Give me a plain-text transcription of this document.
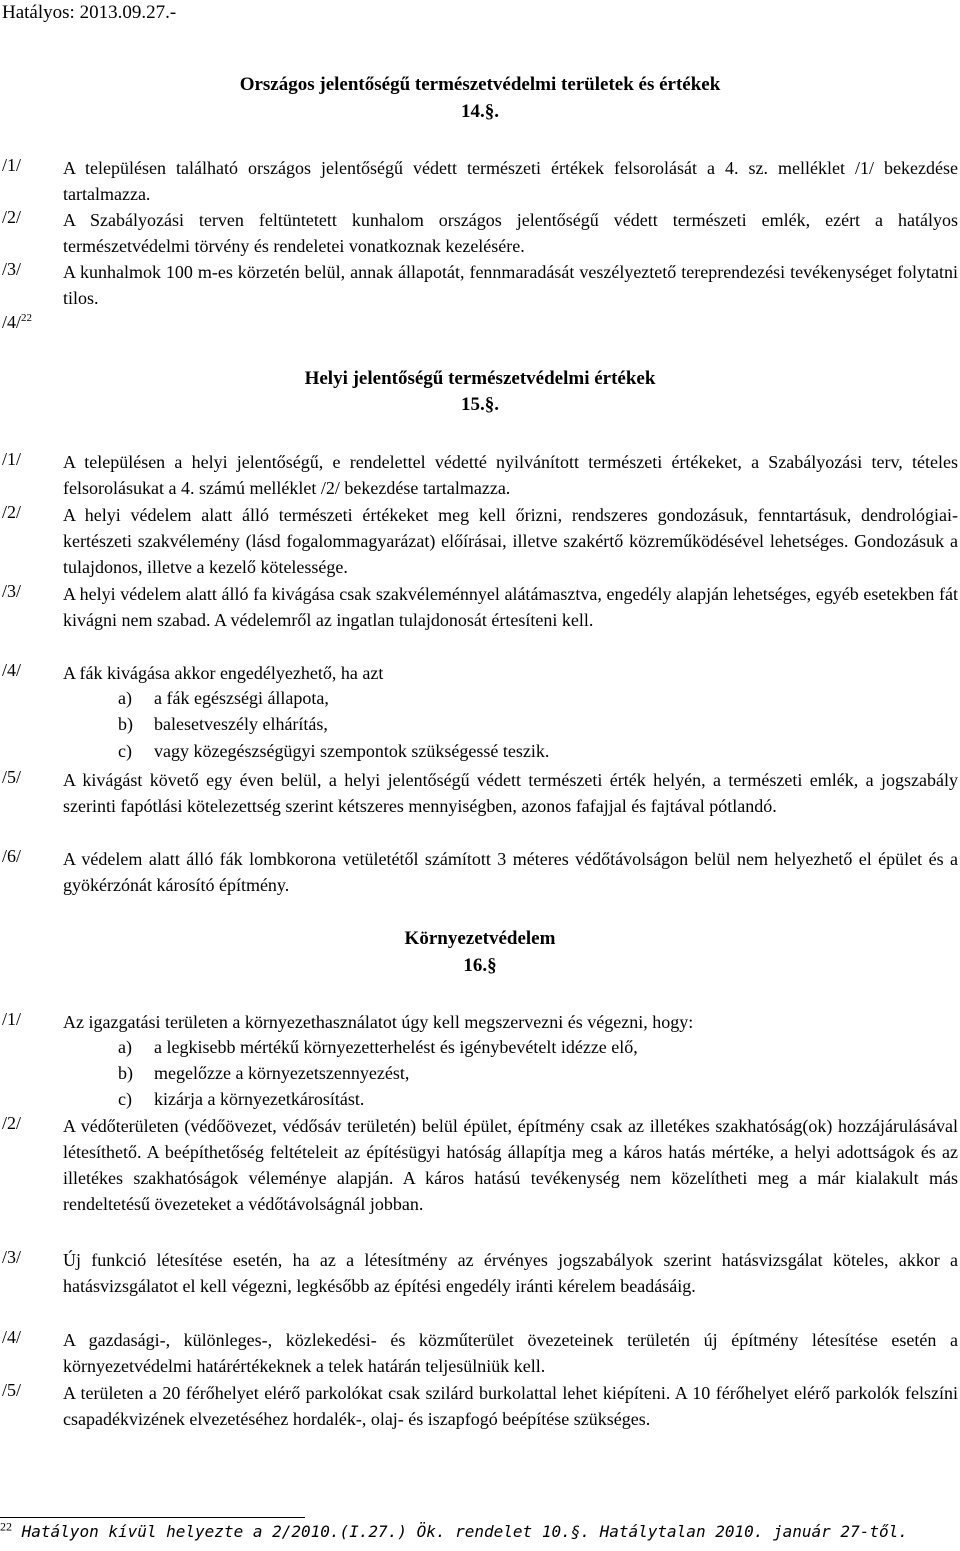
Hatályos: 2013.09.27.-
Országos jelentőségű természetvédelmi területek és értékek
14.§.
/1/ A településen található országos jelentőségű védett természeti értékek felsorolását a 4. sz. melléklet /1/ bekezdése tartalmazza.
/2/ A Szabályozási terven feltüntetett kunhalom országos jelentőségű védett természeti emlék, ezért a hatályos természetvédelmi törvény és rendeletei vonatkoznak kezelésére.
/3/ A kunhalmok 100 m-es körzetén belül, annak állapotát, fennmaradását veszélyeztető tereprendezési tevékenységet folytatni tilos.
/4/$^{22}$
Helyi jelentőségű természetvédelmi értékek
15.§.
/1/ A településen a helyi jelentőségű, e rendelettel védetté nyilvánított természeti értékeket, a Szabályozási terv, tételes felsorolásukat a 4. számú melléklet /2/ bekezdése tartalmazza.
/2/ A helyi védelem alatt álló természeti értékeket meg kell őrizni, rendszeres gondozásuk, fenntartásuk, dendrológiai- kertészeti szakvélemény (lásd fogalommagyarázat) előírásai, illetve szakértő közreműködésével lehetséges. Gondozásuk a tulajdonos, illetve a kezelő kötelessége.
/3/ A helyi védelem alatt álló fa kivágása csak szakvéleménnyel alátámasztva, engedély alapján lehetséges, egyéb esetekben fát kivágni nem szabad. A védelemről az ingatlan tulajdonosát értesíteni kell.
/4/ A fák kivágása akkor engedélyezhető, ha azt
a) a fák egészségi állapota,
b) balesetveszély elhárítás,
c) vagy közegészségügyi szempontok szükségessé teszik.
/5/ A kivágást követő egy éven belül, a helyi jelentőségű védett természeti érték helyén, a természeti emlék, a jogszabály szerinti fapótlási kötelezettség szerint kétszeres mennyiségben, azonos fafajjal és fajtával pótlandó.
/6/ A védelem alatt álló fák lombkorona vetületétől számított 3 méteres védőtávolságon belül nem helyezhető el épület és a gyökérzónát károsító építmény.
Környezetvédelem
16.§
/1/ Az igazgatási területen a környezethasználatot úgy kell megszervezni és végezni, hogy:
a) a legkisebb mértékű környezetterhelést és igénybevételt idézze elő,
b) megelőzze a környezetszennyezést,
c) kizárja a környezetkárosítást.
/2/ A védőterületen (védőövezet, védősáv területén) belül épület, építmény csak az illetékes szakhatóság(ok) hozzájárulásával létesíthető. A beépíthetőség feltételeit az építésügyi hatóság állapítja meg a káros hatás mértéke, a helyi adottságok és az illetékes szakhatóságok véleménye alapján. A káros hatású tevékenység nem közelítheti meg a már kialakult más rendeltetésű övezeteket a védőtávolságnál jobban.
/3/ Új funkció létesítése esetén, ha az a létesítmény az érvényes jogszabályok szerint hatásvizsgálat köteles, akkor a hatásvizsgálatot el kell végezni, legkésőbb az építési engedély iránti kérelem beadásáig.
/4/ A gazdasági-, különleges-, közlekedési- és közműterület övezeteinek területén új építmény létesítése esetén a környezetvédelmi határértékeknek a telek határán teljesülniük kell.
/5/ A területen a 20 férőhelyet elérő parkolókat csak szilárd burkolattal lehet kiépíteni. A 10 férőhelyet elérő parkolók felszíni csapadékvizének elvezetéséhez hordalék-, olaj- és iszapfogó beépítése szükséges.
$^{22}$ Hatályon kívül helyezte a 2/2010.(I.27.) Ök. rendelet 10.§. Hatálytalan 2010. január 27-től.
